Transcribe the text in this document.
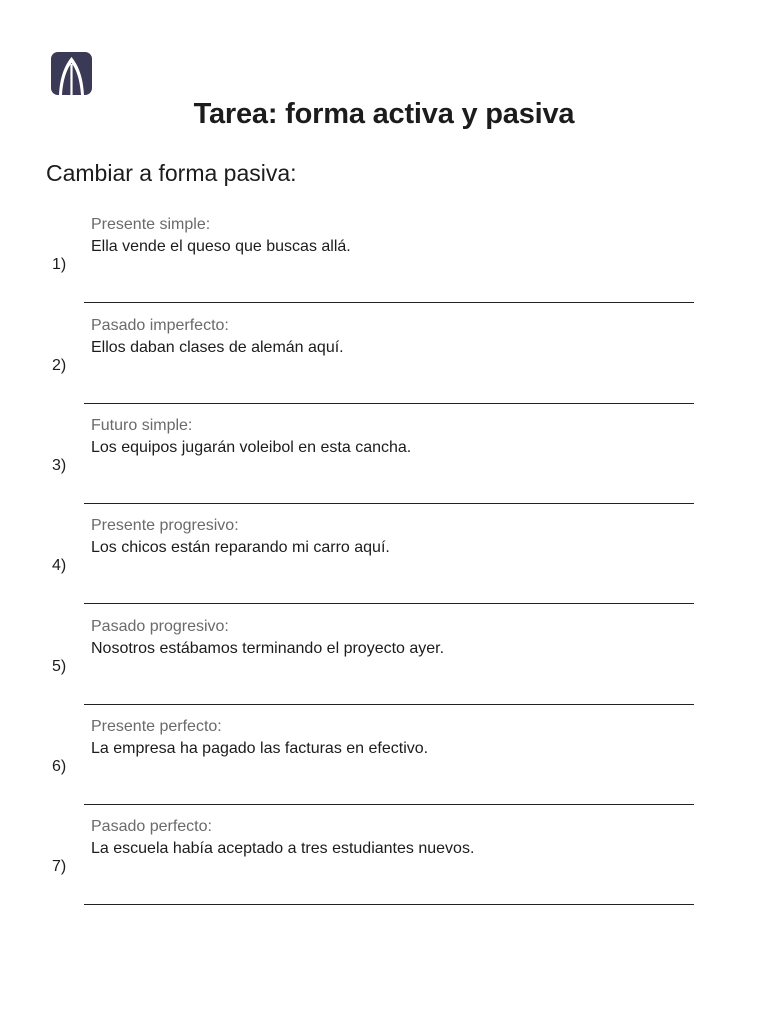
Tarea: forma activa y pasiva
Cambiar a forma pasiva:
1)
Presente simple:
Ella vende el queso que buscas allá.
2)
Pasado imperfecto:
Ellos daban clases de alemán aquí.
3)
Futuro simple:
Los equipos jugarán voleibol en esta cancha.
4)
Presente progresivo:
Los chicos están reparando mi carro aquí.
5)
Pasado progresivo:
Nosotros estábamos terminando el proyecto ayer.
6)
Presente perfecto:
La empresa ha pagado las facturas en efectivo.
7)
Pasado perfecto:
La escuela había aceptado a tres estudiantes nuevos.
